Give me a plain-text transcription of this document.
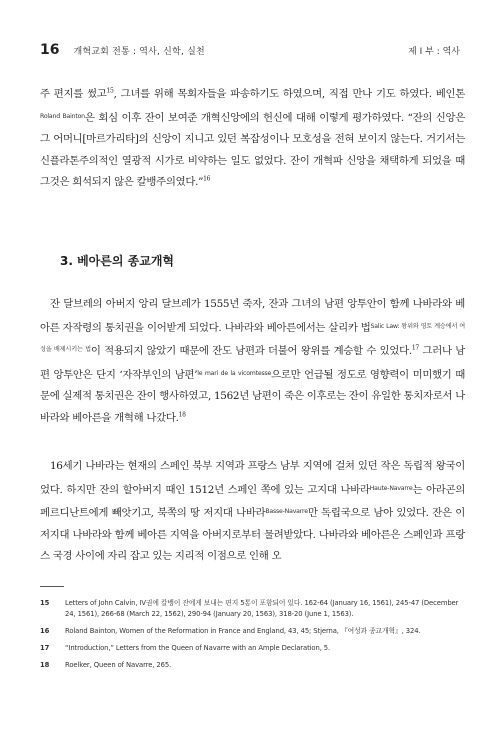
16 개혁교회 전통 : 역사, 신학, 실천	제 I 부 : 역사

주 편지를 썼고$^{15}$, 그녀를 위해 목회자들을 파송하기도 하였으며, 직접 만나 기도 하였다. 베인톤$^{Roland Bainton}$은 회심 이후 잔이 보여준 개혁신앙에의 헌신에 대해 이렇게 평가하였다. “잔의 신앙은 그 어머니[마르가리타]의 신앙이 지니고 있던 복잡성이나 모호성을 전혀 보이지 않는다. 거기서는 신플라톤주의적인 열광적 시가로 비약하는 일도 없었다. 잔이 개혁파 신앙을 채택하게 되었을 때 그것은 희석되지 않은 칼뱅주의였다.”$^{16}$

3. 베아른의 종교개혁

잔 달브레의 아버지 앙리 달브레가 1555년 죽자, 잔과 그녀의 남편 앙투안이 함께 나바라와 베아른 자작령의 통치권을 이어받게 되었다. 나바라와 베아른에서는 살리카 법$^{Salic Law: 왕위와 영토 계승에서 여성을 배제시키는 법}$이 적용되지 않았기 때문에 잔도 남편과 더불어 왕위를 계승할 수 있었다.$^{17}$ 그러나 남편 앙투안은 단지 ‘자작부인의 남편’$^{le mari de la vicomtesse}$으로만 언급될 정도로 영향력이 미미했기 때문에 실제적 통치권은 잔이 행사하였고, 1562년 남편이 죽은 이후로는 잔이 유일한 통치자로서 나바라와 베아른을 개혁해 나갔다.$^{18}$

16세기 나바라는 현재의 스페인 북부 지역과 프랑스 남부 지역에 걸쳐 있던 작은 독립적 왕국이었다. 하지만 잔의 할아버지 때인 1512년 스페인 쪽에 있는 고지대 나바라$^{Haute-Navarre}$는 아라곤의 페르디난트에게 빼앗기고, 북쪽의 땅 저지대 나바라$^{Basse-Navarre}$만 독립국으로 남아 있었다. 잔은 이 저지대 나바라와 함께 베아른 지역을 아버지로부터 물려받았다. 나바라와 베아른은 스페인과 프랑스 국경 사이에 자리 잡고 있는 지리적 이점으로 인해 오

15	Letters of John Calvin, IV권에 칼뱅이 잔에게 보내는 편지 5통이 포함되어 있다. 162-64 (January 16, 1561), 245-47 (December 24, 1561), 266-68 (March 22, 1562), 290-94 (January 20, 1563), 318-20 (June 1, 1563).
16	Roland Bainton, Women of the Reformation in France and England, 43, 45; Stjerna, 『여성과 종교개혁』, 324.
17	“Introduction,” Letters from the Queen of Navarre with an Ample Declaration, 5.
18	Roelker, Queen of Navarre, 265.
